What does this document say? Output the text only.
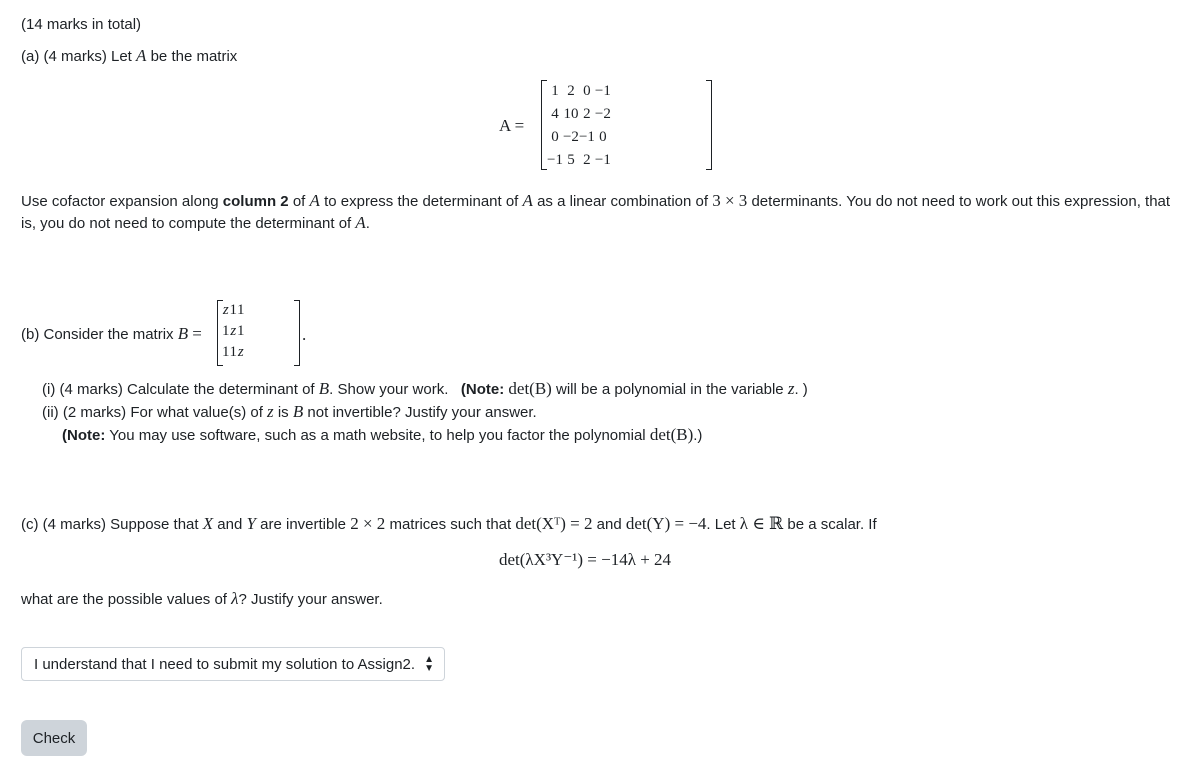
(14 marks in total)
(a) (4 marks) Let A be the matrix
A =
1	2	0	−1
4	10	2	−2
0	−2	−1	0
−1	5	2	−1
Use cofactor expansion along column 2 of A to express the determinant of A as a linear combination of 3 × 3 determinants. You do not need to work out this expression, that
is, you do not need to compute the determinant of A.
(b) Consider the matrix B =
z	1	1
1	z	1
1	1	z
.
(i) (4 marks) Calculate the determinant of B. Show your work. (Note: det(B) will be a polynomial in the variable z. )
(ii) (2 marks) For what value(s) of z is B not invertible? Justify your answer.
(Note: You may use software, such as a math website, to help you factor the polynomial det(B).)
(c) (4 marks) Suppose that X and Y are invertible 2 × 2 matrices such that det(Xᵀ) = 2 and det(Y) = −4. Let λ ∈ ℝ be a scalar. If
det(λX³Y⁻¹) = −14λ + 24
what are the possible values of λ? Justify your answer.
I understand that I need to submit my solution to Assign2. ▲
▼
Check
